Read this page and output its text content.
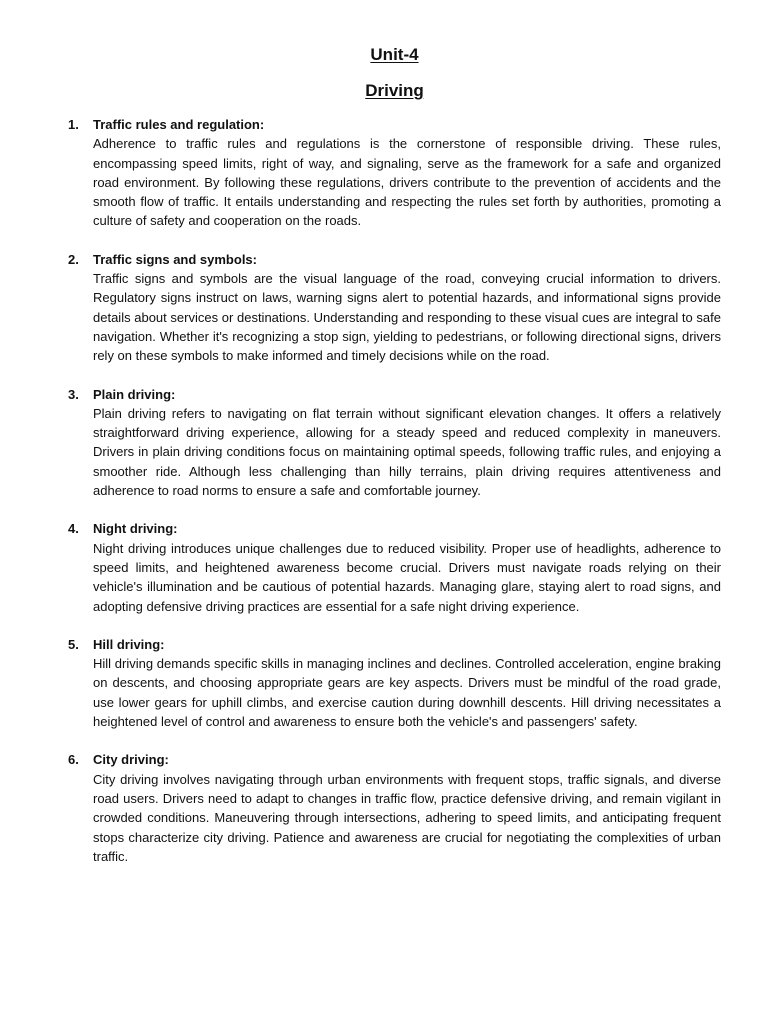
Unit-4
Driving
1. Traffic rules and regulation:

Adherence to traffic rules and regulations is the cornerstone of responsible driving. These rules, encompassing speed limits, right of way, and signaling, serve as the framework for a safe and organized road environment. By following these regulations, drivers contribute to the prevention of accidents and the smooth flow of traffic. It entails understanding and respecting the rules set forth by authorities, promoting a culture of safety and cooperation on the roads.

2. Traffic signs and symbols:

Traffic signs and symbols are the visual language of the road, conveying crucial information to drivers. Regulatory signs instruct on laws, warning signs alert to potential hazards, and informational signs provide details about services or destinations. Understanding and responding to these visual cues are integral to safe navigation. Whether it's recognizing a stop sign, yielding to pedestrians, or following directional signs, drivers rely on these symbols to make informed and timely decisions while on the road.

3. Plain driving:

Plain driving refers to navigating on flat terrain without significant elevation changes. It offers a relatively straightforward driving experience, allowing for a steady speed and reduced complexity in maneuvers. Drivers in plain driving conditions focus on maintaining optimal speeds, following traffic rules, and enjoying a smoother ride. Although less challenging than hilly terrains, plain driving requires attentiveness and adherence to road norms to ensure a safe and comfortable journey.

4. Night driving:

Night driving introduces unique challenges due to reduced visibility. Proper use of headlights, adherence to speed limits, and heightened awareness become crucial. Drivers must navigate roads relying on their vehicle's illumination and be cautious of potential hazards. Managing glare, staying alert to road signs, and adopting defensive driving practices are essential for a safe night driving experience.

5. Hill driving:

Hill driving demands specific skills in managing inclines and declines. Controlled acceleration, engine braking on descents, and choosing appropriate gears are key aspects. Drivers must be mindful of the road grade, use lower gears for uphill climbs, and exercise caution during downhill descents. Hill driving necessitates a heightened level of control and awareness to ensure both the vehicle's and passengers' safety.

6. City driving:

City driving involves navigating through urban environments with frequent stops, traffic signals, and diverse road users. Drivers need to adapt to changes in traffic flow, practice defensive driving, and remain vigilant in crowded conditions. Maneuvering through intersections, adhering to speed limits, and anticipating frequent stops characterize city driving. Patience and awareness are crucial for negotiating the complexities of urban traffic.
